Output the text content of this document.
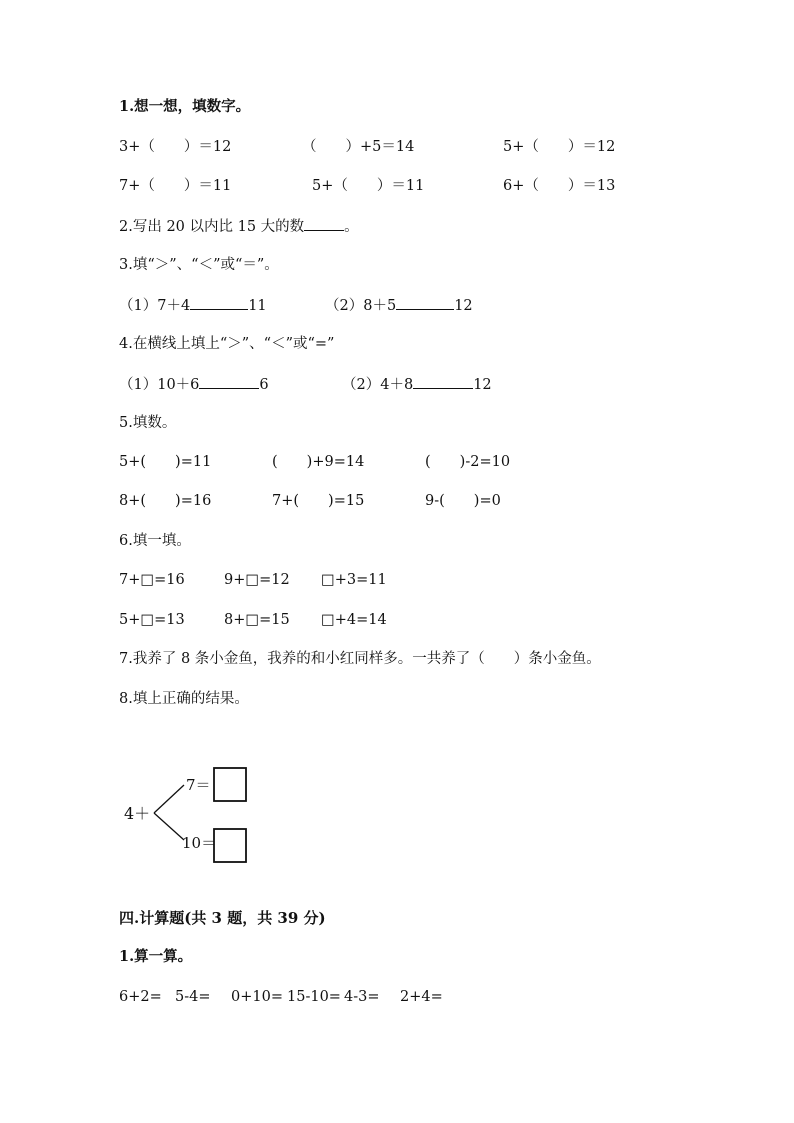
1.想一想，填数字。
3+（　　）＝12	（　　）+5＝14	5+（　　）＝12
7+（　　）＝11	5+（　　）＝11	6+（　　）＝13
2.写出 20 以内比 15 大的数	。
3.填“＞”、“＜”或“＝”。
（1）7＋4	11	（2）8＋5	12
4.在横线上填上“＞”、“＜”或“=”
（1）10＋6	6	（2）4＋8	12
5.填数。
5+(　　)=11	(　　)+9=14	(　　)-2=10
8+(　　)=16	7+(　　)=15	9-(　　)=0
6.填一填。
7+□=16	9+□=12 □+3=11
5+□=13	8+□=15 □+4=14
7.我养了 8 条小金鱼，我养的和小红同样多。一共养了（　　）条小金鱼。
8.填上正确的结果。
4＋
7＝
10＝
四.计算题(共 3 题，共 39 分)
1.算一算。
6+2= 5-4= 0+10= 15-10= 4-3= 2+4=
